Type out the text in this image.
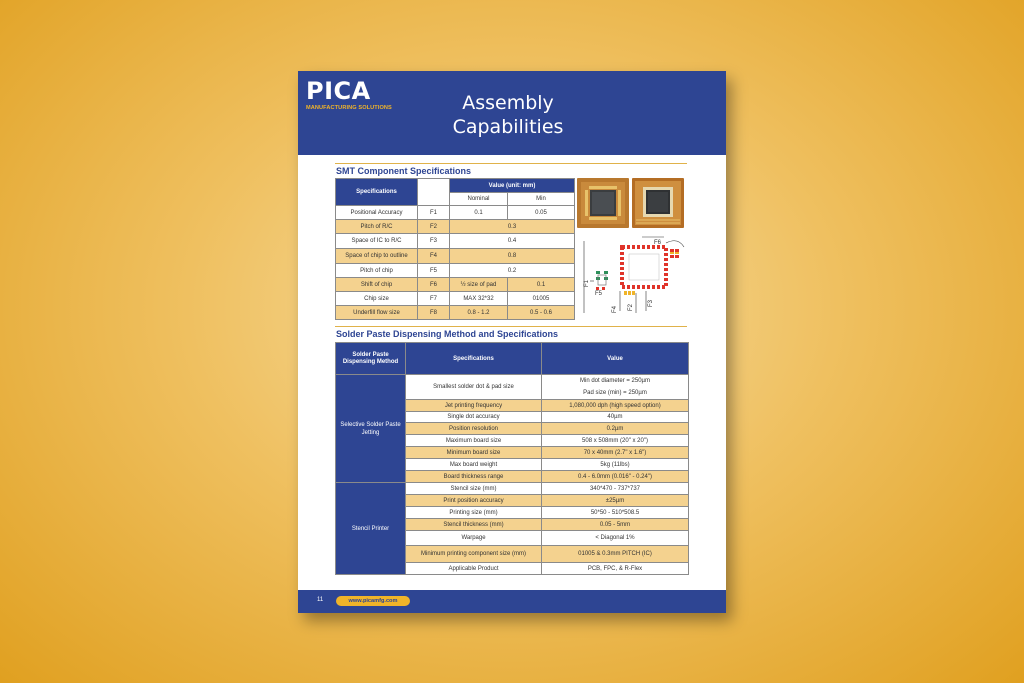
PICA
MANUFACTURING SOLUTIONS	Assembly
Capabilities
SMT Component Specifications
Specifications		Value (unit: mm)	
		Nominal	Min
Positional Accuracy	F1	0.1	0.05
Pitch of R/C	F2	0.3	
Space of IC to R/C	F3	0.4	
Space of chip to outline	F4	0.8	
Pitch of chip	F5	0.2	
Shift of chip	F6	½ size of pad	0.1
Chip size	F7	MAX 32*32	01005
Underfill flow size	F8	0.8 - 1.2	0.5 - 0.6
F6
F1
F5
F4 F2
F3
Solder Paste Dispensing Method and Specifications
Solder Paste Dispensing Method	Specifications	Value
Selective Solder Paste Jetting	Smallest solder dot & pad size	Min dot diameter = 250µm
Pad size (min) = 250µm

	Jet printing frequency	1,080,000 dph (high speed option)
	Single dot accuracy	40µm
	Position resolution	0.2µm
	Maximum board size	508 x 508mm (20" x 20")
	Minimum board size	70 x 40mm (2.7" x 1.6")
	Max board weight	5kg (11lbs)
	Board thickness range	0.4 - 6.0mm (0.016" - 0.24")
Stencil Printer	Stencil size (mm)	340*470 - 737*737
	Print position accuracy	±25µm
	Printing size (mm)	50*50 - 510*508.5
	Stencil thickness (mm)	0.05 - 5mm
	Warpage	< Diagonal 1%
	Minimum printing component size (mm)	01005 & 0.3mm PITCH (IC)
	Applicable Product	PCB, FPC, & R-Flex
11	www.picamfg.com
